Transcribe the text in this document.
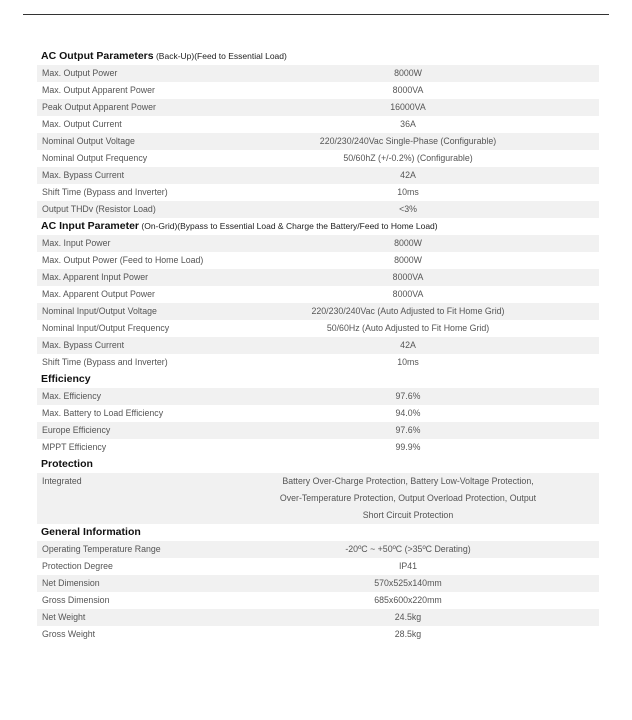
AC Output Parameters (Back-Up)(Feed to Essential Load)
Max. Output Power	8000W
Max. Output Apparent Power	8000VA
Peak Output Apparent Power	16000VA
Max. Output Current	36A
Nominal Output Voltage	220/230/240Vac Single-Phase (Configurable)
Nominal Output Frequency	50/60hZ (+/-0.2%) (Configurable)
Max. Bypass Current	42A
Shift Time (Bypass and Inverter)	10ms
Output THDv (Resistor Load)	<3%
AC Input Parameter (On-Grid)(Bypass to Essential Load & Charge the Battery/Feed to Home Load)
Max. Input Power	8000W
Max. Output Power (Feed to Home Load)	8000W
Max. Apparent Input Power	8000VA
Max. Apparent Output Power	8000VA
Nominal Input/Output Voltage	220/230/240Vac (Auto Adjusted to Fit Home Grid)
Nominal Input/Output Frequency	50/60Hz (Auto Adjusted to Fit Home Grid)
Max. Bypass Current	42A
Shift Time (Bypass and Inverter)	10ms
Efficiency
Max. Efficiency	97.6%
Max. Battery to Load Efficiency	94.0%
Europe Efficiency	97.6%
MPPT Efficiency	99.9%
Protection
Integrated	Battery Over-Charge Protection, Battery Low-Voltage Protection,
Over-Temperature Protection, Output Overload Protection, Output
Short Circuit Protection
General Information
Operating Temperature Range	-20ºC ~ +50ºC (>35ºC Derating)
Protection Degree	IP41
Net Dimension	570x525x140mm
Gross Dimension	685x600x220mm
Net Weight	24.5kg
Gross Weight	28.5kg
